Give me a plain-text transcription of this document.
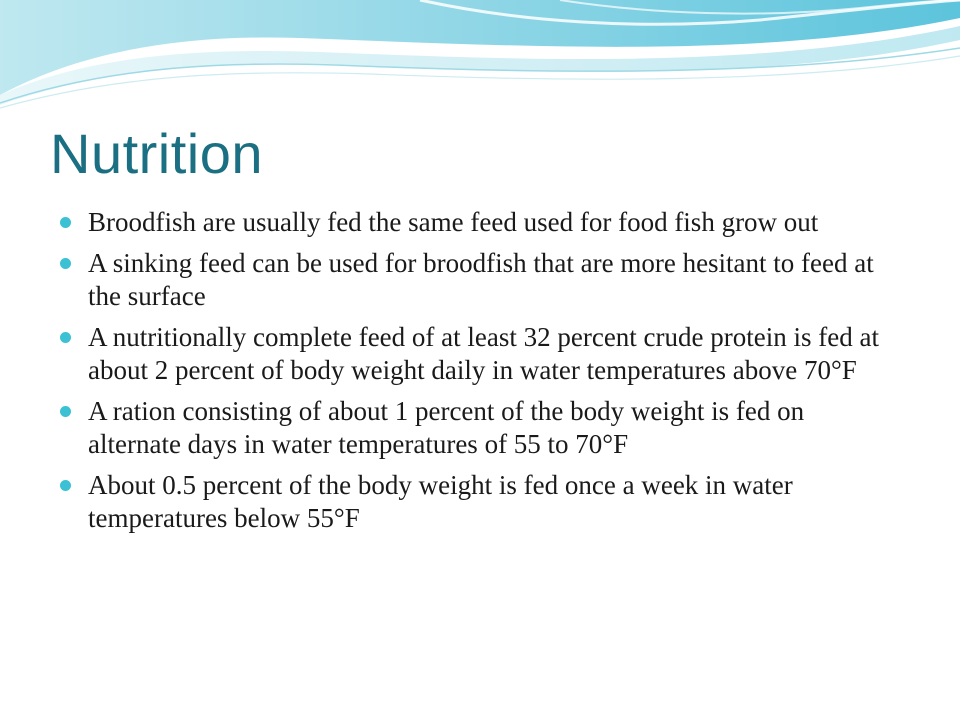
Nutrition
Broodfish are usually fed the same feed used for food fish grow out
A sinking feed can be used for broodfish that are more hesitant to feed at the surface
A nutritionally complete feed of at least 32 percent crude protein is fed at about 2 percent of body weight daily in water temperatures above 70°F
A ration consisting of about 1 percent of the body weight is fed on alternate days in water temperatures of 55 to 70°F
About 0.5 percent of the body weight is fed once a week in water temperatures below 55°F
